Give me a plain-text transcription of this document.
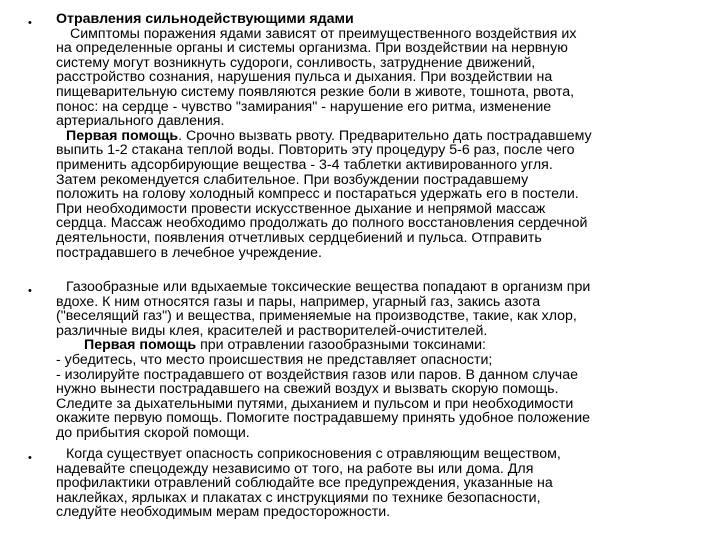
•
•
•
Отравления сильнодействующими ядами
Симптомы поражения ядами зависят от преимущественного воздействия их
на определенные органы и системы организма. При воздействии на нервную
систему могут возникнуть судороги, сонливость, затруднение движений,
расстройство сознания, нарушения пульса и дыхания. При воздействии на
пищеварительную систему появляются резкие боли в животе, тошнота, рвота,
понос: на сердце - чувство "замирания" - нарушение его ритма, изменение
артериального давления.
Первая помощь. Срочно вызвать рвоту. Предварительно дать пострадавшему
выпить 1-2 стакана теплой воды. Повторить эту процедуру 5-6 раз, после чего
применить адсорбирующие вещества - 3-4 таблетки активированного угля.
Затем рекомендуется слабительное. При возбуждении пострадавшему
положить на голову холодный компресс и постараться удержать его в постели.
При необходимости провести искусственное дыхание и непрямой массаж
сердца. Массаж необходимо продолжать до полного восстановления сердечной
деятельности, появления отчетливых сердцебиений и пульса. Отправить
пострадавшего в лечебное учреждение.
Газообразные или вдыхаемые токсические вещества попадают в организм при
вдохе. К ним относятся газы и пары, например, угарный газ, закись азота
("веселящий газ") и вещества, применяемые на производстве, такие, как хлор,
различные виды клея, красителей и растворителей-очистителей.
Первая помощь при отравлении газообразными токсинами:
- убедитесь, что место происшествия не представляет опасности;
- изолируйте пострадавшего от воздействия газов или паров. В данном случае
нужно вынести пострадавшего на свежий воздух и вызвать скорую помощь.
Следите за дыхательными путями, дыханием и пульсом и при необходимости
окажите первую помощь. Помогите пострадавшему принять удобное положение
до прибытия скорой помощи.
Когда существует опасность соприкосновения с отравляющим веществом,
надевайте спецодежду независимо от того, на работе вы или дома. Для
профилактики отравлений соблюдайте все предупреждения, указанные на
наклейках, ярлыках и плакатах с инструкциями по технике безопасности,
следуйте необходимым мерам предосторожности.
